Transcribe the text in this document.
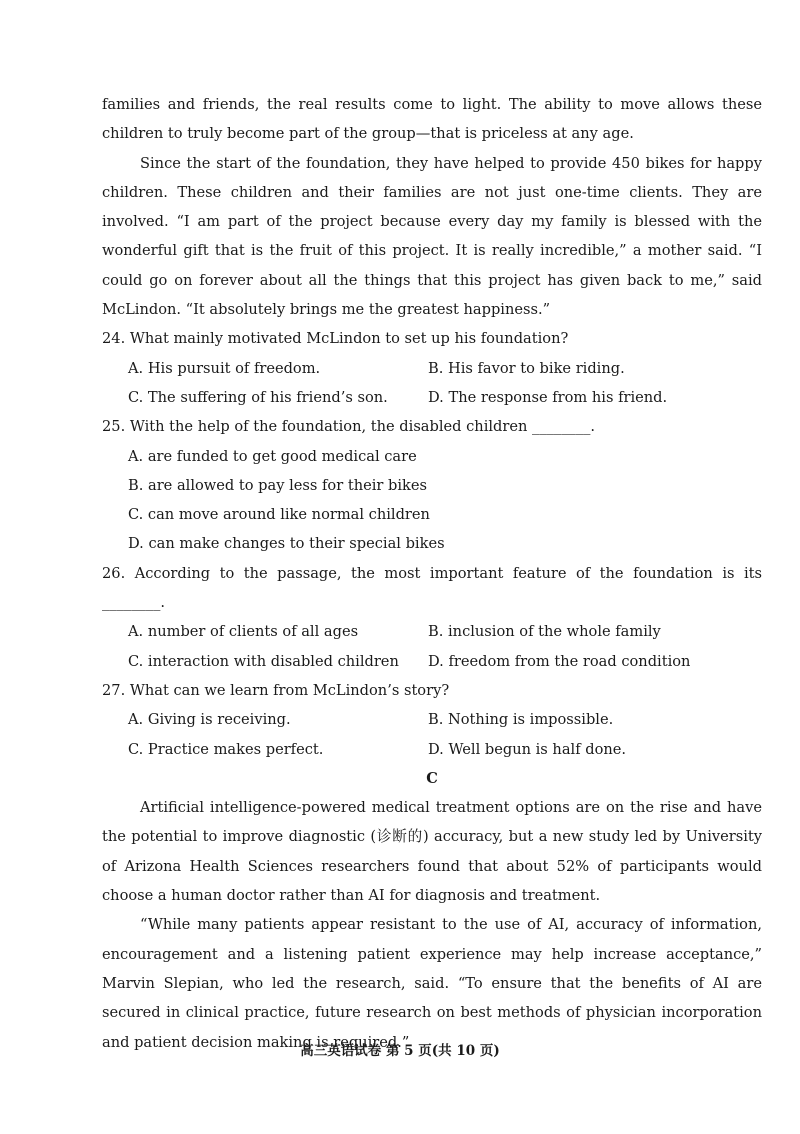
families and friends, the real results come to light. The ability to move allows these children to truly become part of the group—that is priceless at any age.

Since the start of the foundation, they have helped to provide 450 bikes for happy children. These children and their families are not just one-time clients. They are involved. “I am part of the project because every day my family is blessed with the wonderful gift that is the fruit of this project. It is really incredible,” a mother said. “I could go on forever about all the things that this project has given back to me,” said McLindon. “It absolutely brings me the greatest happiness.”

24. What mainly motivated McLindon to set up his foundation?

A. His pursuit of freedom.	B. His favor to bike riding.
C. The suffering of his friend’s son.	D. The response from his friend.

25. With the help of the foundation, the disabled children ________.

A. are funded to get good medical care
B. are allowed to pay less for their bikes
C. can move around like normal children
D. can make changes to their special bikes

26. According to the passage, the most important feature of the foundation is its ________.

A. number of clients of all ages	B. inclusion of the whole family
C. interaction with disabled children	D. freedom from the road condition

27. What can we learn from McLindon’s story?

A. Giving is receiving.	B. Nothing is impossible.
C. Practice makes perfect.	D. Well begun is half done.

C

Artificial intelligence-powered medical treatment options are on the rise and have the potential to improve diagnostic (诊断的) accuracy, but a new study led by University of Arizona Health Sciences researchers found that about 52% of participants would choose a human doctor rather than AI for diagnosis and treatment.

“While many patients appear resistant to the use of AI, accuracy of information, encouragement and a listening patient experience may help increase acceptance,” Marvin Slepian, who led the research, said. “To ensure that the benefits of AI are secured in clinical practice, future research on best methods of physician incorporation and patient decision making is required.”

高三英语试卷 第 5 页(共 10 页)
